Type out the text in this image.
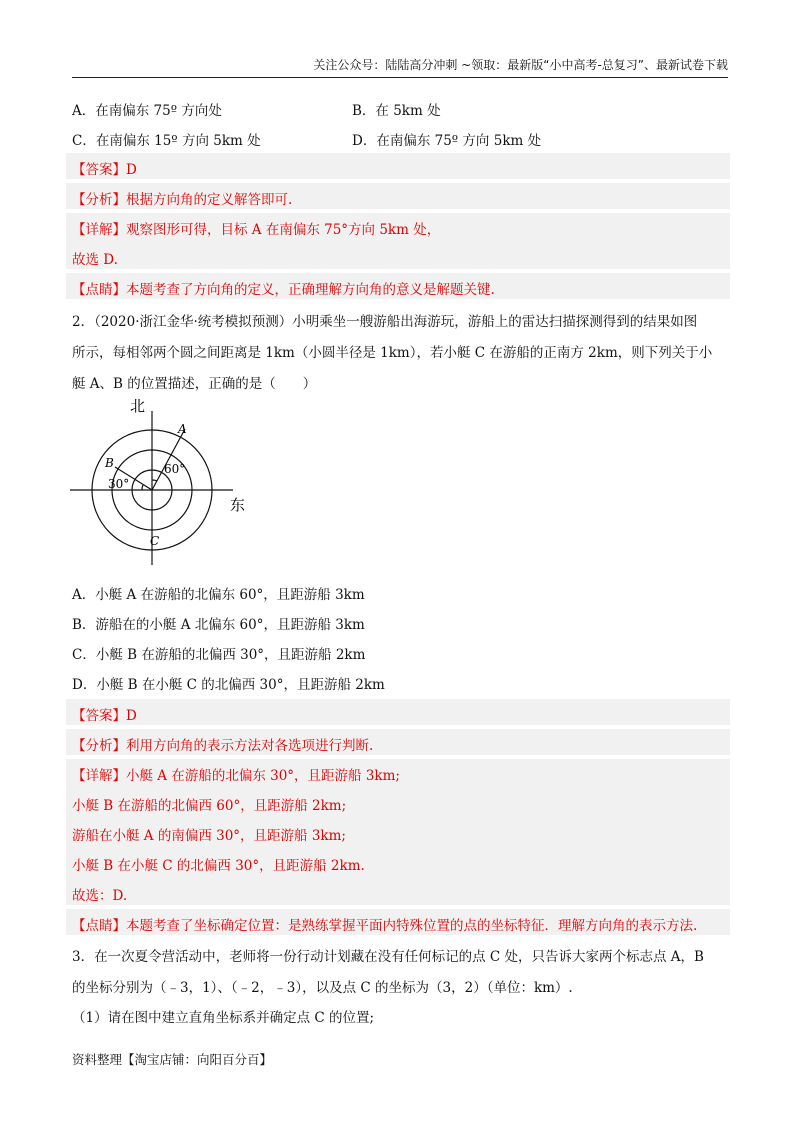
关注公众号：陆陆高分冲刺 ~领取：最新版“小中高考-总复习”、最新试卷下载
A．在南偏东 75º 方向处	B．在 5km 处
C．在南偏东 15º 方向 5km 处	D．在南偏东 75º 方向 5km 处
【答案】D
【分析】根据方向角的定义解答即可.
【详解】观察图形可得，目标 A 在南偏东 75°方向 5km 处，
故选 D.
【点睛】本题考查了方向角的定义，正确理解方向角的意义是解题关键.
2．（2020·浙江金华·统考模拟预测）小明乘坐一艘游船出海游玩，游船上的雷达扫描探测得到的结果如图
所示，每相邻两个圆之间距离是 1km（小圆半径是 1km），若小艇 C 在游船的正南方 2km，则下列关于小
艇 A、B 的位置描述，正确的是（　　）
北
东
A
B
C
60°
30°
A．小艇 A 在游船的北偏东 60°，且距游船 3km
B．游船在的小艇 A 北偏东 60°，且距游船 3km
C．小艇 B 在游船的北偏西 30°，且距游船 2km
D．小艇 B 在小艇 C 的北偏西 30°，且距游船 2km
【答案】D
【分析】利用方向角的表示方法对各选项进行判断.
【详解】小艇 A 在游船的北偏东 30°，且距游船 3km;
小艇 B 在游船的北偏西 60°，且距游船 2km;
游船在小艇 A 的南偏西 30°，且距游船 3km;
小艇 B 在小艇 C 的北偏西 30°，且距游船 2km.
故选：D.
【点睛】本题考查了坐标确定位置：是熟练掌握平面内特殊位置的点的坐标特征．理解方向角的表示方法.
3．在一次夏令营活动中，老师将一份行动计划藏在没有任何标记的点 C 处，只告诉大家两个标志点 A，B
的坐标分别为（﹣3，1）、（﹣2，﹣3），以及点 C 的坐标为（3，2）（单位：km）.
（1）请在图中建立直角坐标系并确定点 C 的位置;
资料整理【淘宝店铺：向阳百分百】
